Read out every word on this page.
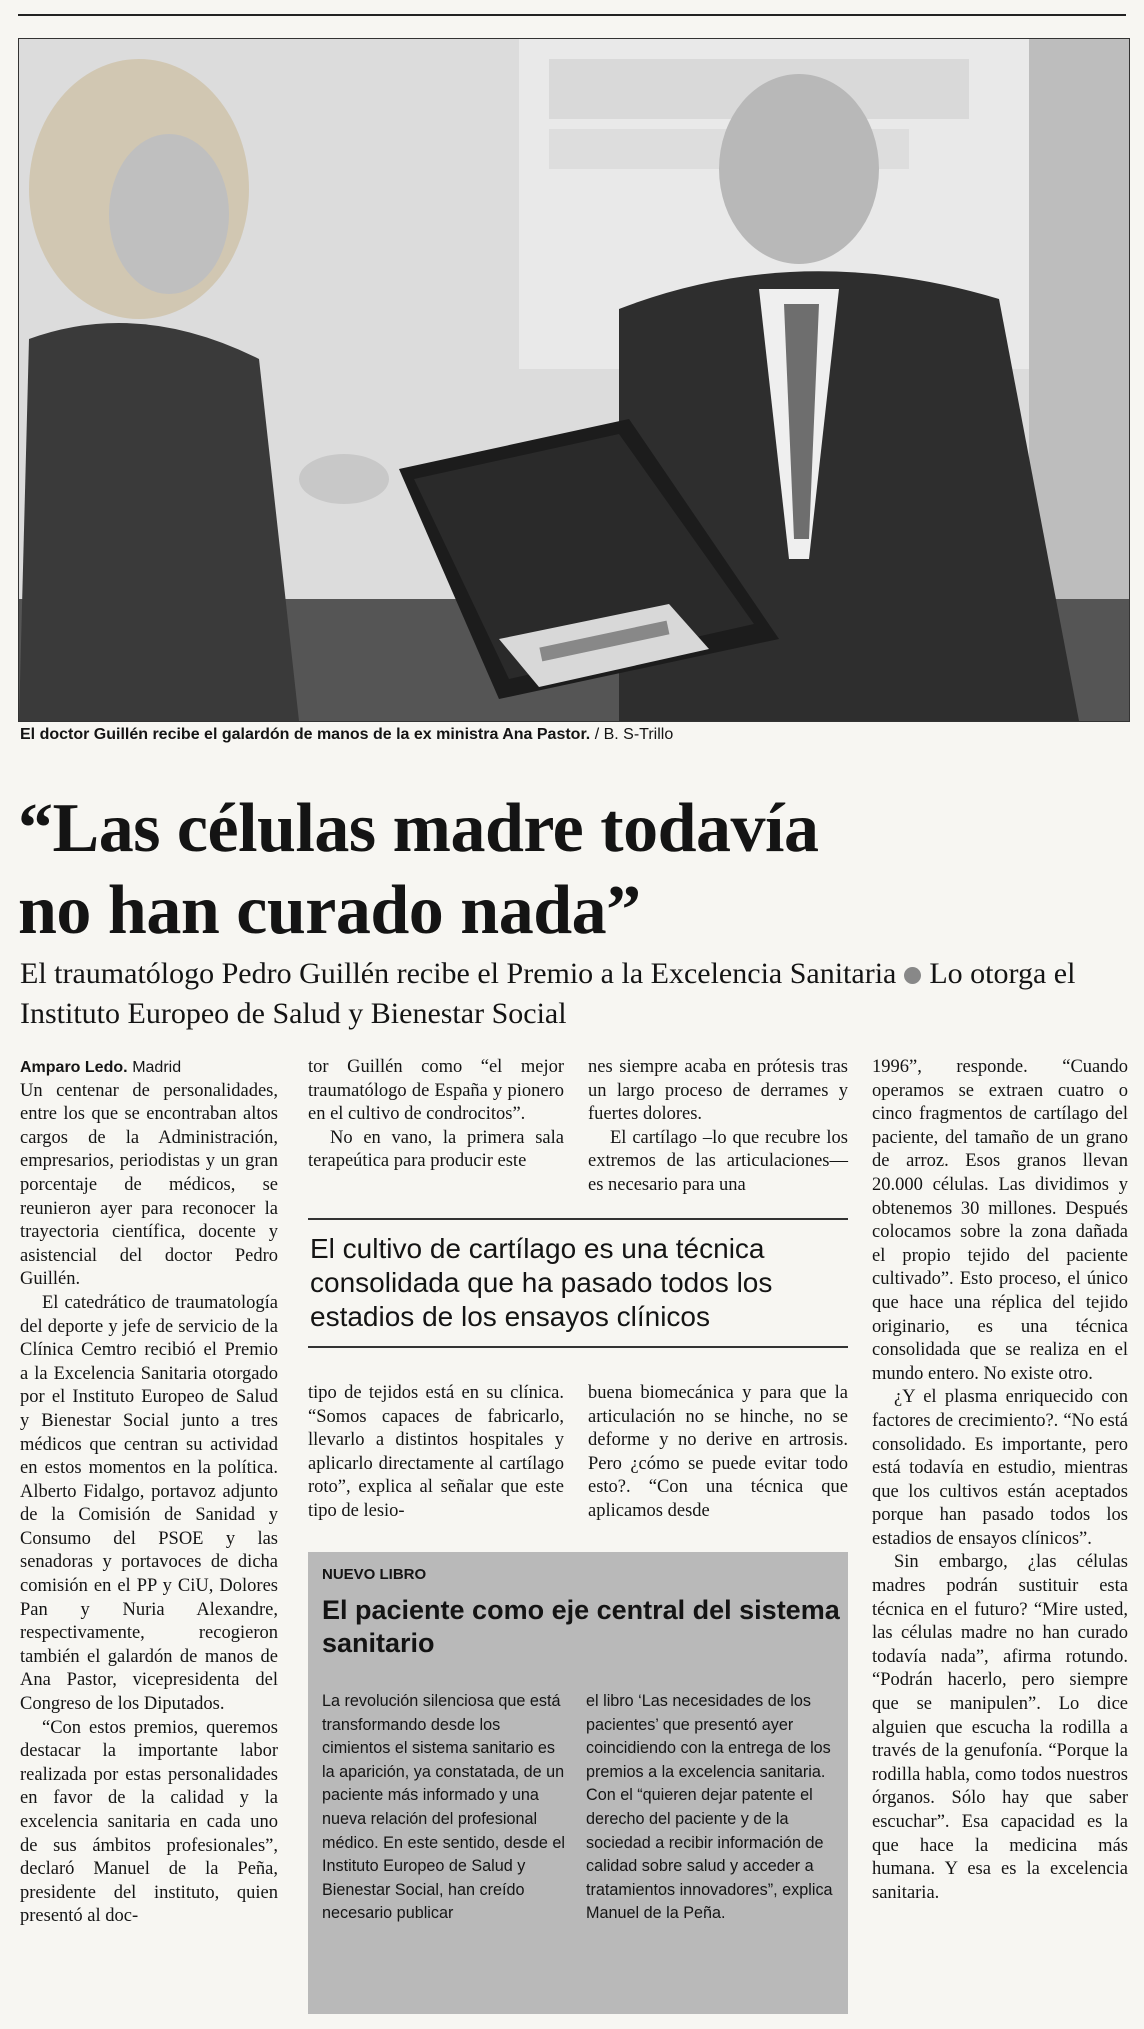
El doctor Guillén recibe el galardón de manos de la ex ministra Ana Pastor. / B. S-Trillo
“Las células madre todavía
no han curado nada”
El traumatólogo Pedro Guillén recibe el Premio a la Excelencia Sanitaria Lo otorga el Instituto Europeo de Salud y Bienestar Social

Amparo Ledo. Madrid

Un centenar de personalidades, entre los que se encontraban altos cargos de la Administración, empresarios, periodistas y un gran porcentaje de médicos, se reunieron ayer para reconocer la trayectoria científica, docente y asistencial del doctor Pedro Guillén.

El catedrático de traumatología del deporte y jefe de servicio de la Clínica Cemtro recibió el Premio a la Excelencia Sanitaria otorgado por el Instituto Europeo de Salud y Bienestar Social junto a tres médicos que centran su actividad en estos momentos en la política. Alberto Fidalgo, portavoz adjunto de la Comisión de Sanidad y Consumo del PSOE y las senadoras y portavoces de dicha comisión en el PP y CiU, Dolores Pan y Nuria Alexandre, respectivamente, recogieron también el galardón de manos de Ana Pastor, vicepresidenta del Congreso de los Diputados.

“Con estos premios, queremos destacar la importante labor realizada por estas personalidades en favor de la calidad y la excelencia sanitaria en cada uno de sus ámbitos profesionales”, declaró Manuel de la Peña, presidente del instituto, quien presentó al doc-

tor Guillén como “el mejor traumatólogo de España y pionero en el cultivo de condrocitos”.

No en vano, la primera sala terapeútica para producir este

nes siempre acaba en prótesis tras un largo proceso de derrames y fuertes dolores.

El cartílago –lo que recubre los extremos de las articulaciones— es necesario para una

El cultivo de cartílago es una técnica consolidada que ha pasado todos los estadios de los ensayos clínicos

tipo de tejidos está en su clínica. “Somos capaces de fabricarlo, llevarlo a distintos hospitales y aplicarlo directamente al cartílago roto”, explica al señalar que este tipo de lesio-

buena biomecánica y para que la articulación no se hinche, no se deforme y no derive en artrosis. Pero ¿cómo se puede evitar todo esto?. “Con una técnica que aplicamos desde

1996”, responde. “Cuando operamos se extraen cuatro o cinco fragmentos de cartílago del paciente, del tamaño de un grano de arroz. Esos granos llevan 20.000 células. Las dividimos y obtenemos 30 millones. Después colocamos sobre la zona dañada el propio tejido del paciente cultivado”. Esto proceso, el único que hace una réplica del tejido originario, es una técnica consolidada que se realiza en el mundo entero. No existe otro.

¿Y el plasma enriquecido con factores de crecimiento?. “No está consolidado. Es importante, pero está todavía en estudio, mientras que los cultivos están aceptados porque han pasado todos los estadios de ensayos clínicos”.

Sin embargo, ¿las células madres podrán sustituir esta técnica en el futuro? “Mire usted, las células madre no han curado todavía nada”, afirma rotundo. “Podrán hacerlo, pero siempre que se manipulen”. Lo dice alguien que escucha la rodilla a través de la genufonía. “Porque la rodilla habla, como todos nuestros órganos. Sólo hay que saber escuchar”. Esa capacidad es la que hace la medicina más humana. Y esa es la excelencia sanitaria.

NUEVO LIBRO
El paciente como eje central del sistema sanitario

La revolución silenciosa que está transformando desde los cimientos el sistema sanitario es la aparición, ya constatada, de un paciente más informado y una nueva relación del profesional médico. En este sentido, desde el Instituto Europeo de Salud y Bienestar Social, han creído necesario publicar

el libro ‘Las necesidades de los pacientes’ que presentó ayer coincidiendo con la entrega de los premios a la excelencia sanitaria. Con el “quieren dejar patente el derecho del paciente y de la sociedad a recibir información de calidad sobre salud y acceder a tratamientos innovadores”, explica Manuel de la Peña.
